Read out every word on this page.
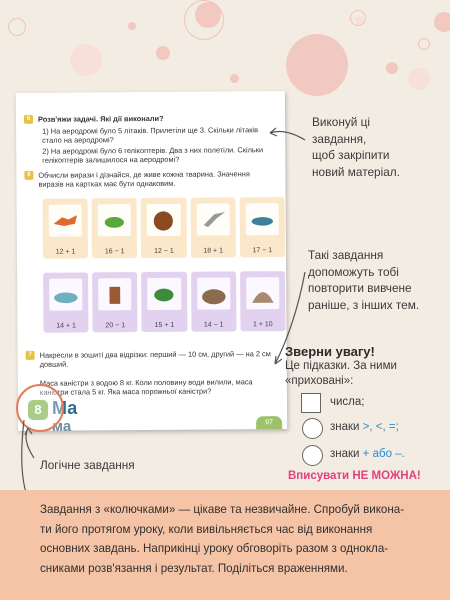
5	Розв'яжи задачі. Які дії виконали?
1) На аеродромі було 5 літаків. Прилетіли ще 3. Скільки літаків стало на аеродромі?
2) На аеродромі було 6 гелікоптерів. Два з них полетіли. Скільки гелікоптерів залишилося на аеродромі?
6	Обчисли вирази і дізнайся, де живе кожна тварина. Значення виразів на картках має бути однаковим.
12 + 1	16 − 1	12 − 1	18 + 1	17 − 1
14 + 1	20 − 1	15 + 1	14 − 1	1 + 10
7	Накресли в зошиті два відрізки: перший — 10 см, другий — на 2 см довший.
Маса каністри з водою 8 кг. Коли половину води вилили, маса каністри стала 5 кг. Яка маса порожньої каністри?
97
8 Ма
ма
Виконуй ці
завдання,
щоб закріпити
новий матеріал.
Такі завдання
допоможуть тобі
повторити вивчене
раніше, з інших тем.
Зверни увагу!
Це підказки. За ними
«приховані»:
числа;
знаки >, <, =;
знаки + або –.
Вписувати НЕ МОЖНА!
Логічне завдання
Завдання з «колючками» — цікаве та незвичайне. Спробуй викона-
ти його протягом уроку, коли вивільняється час від виконання
основних завдань. Наприкінці уроку обговоріть разом з однокла-
сниками розв'язання і результат. Поділіться враженнями.
